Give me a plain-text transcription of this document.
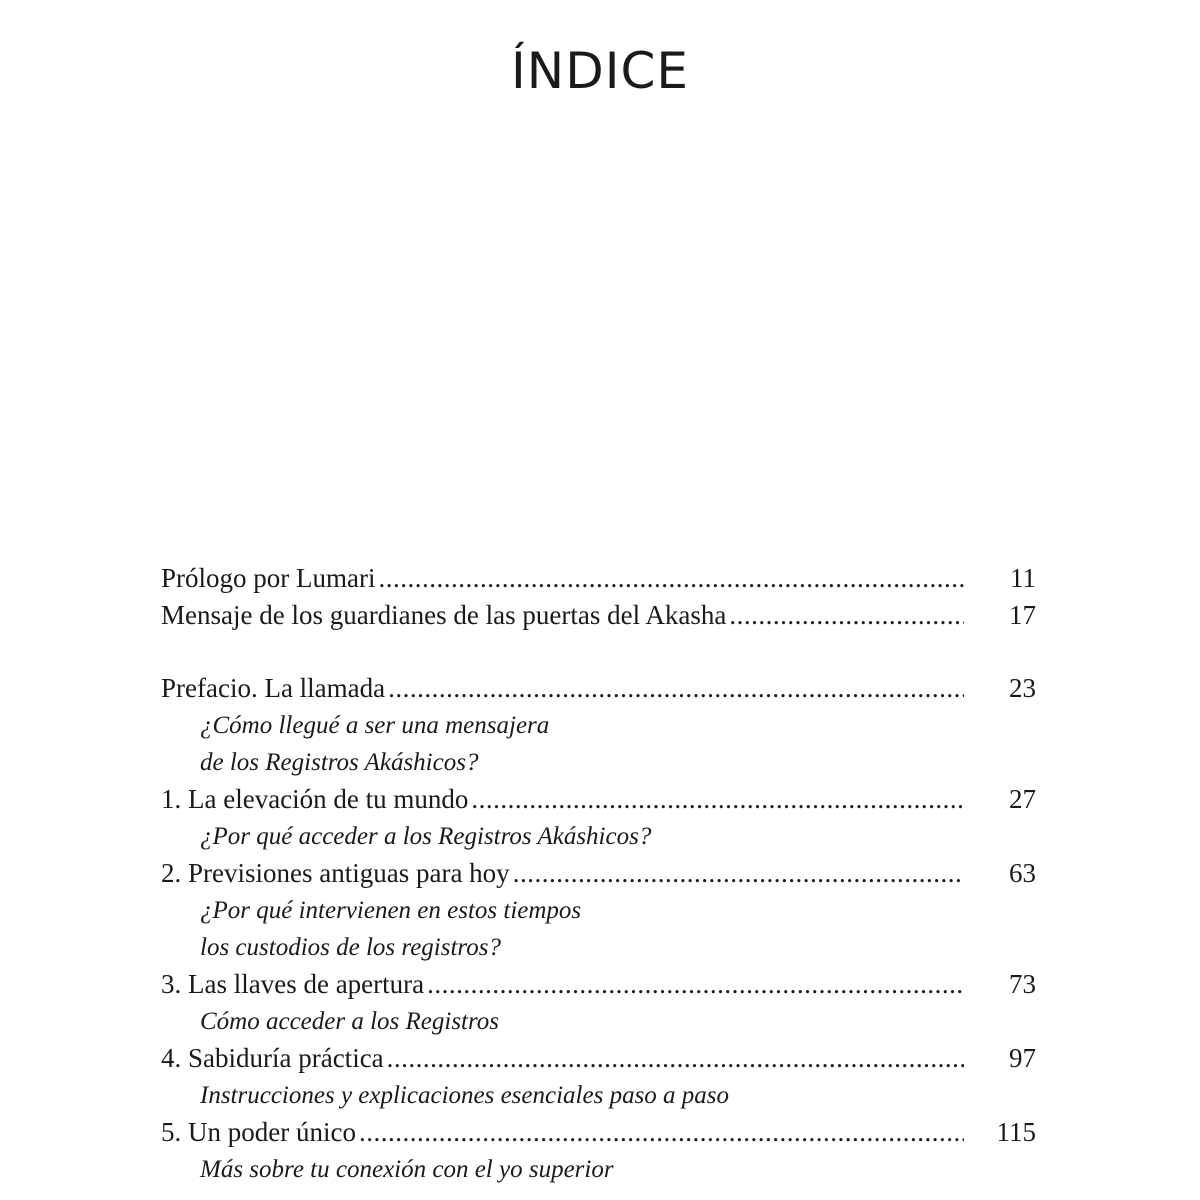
ÍNDICE
Prólogo por Lumari .....	11
Mensaje de los guardianes de las puertas del Akasha .....	17
Prefacio. La llamada .....	23
¿Cómo llegué a ser una mensajera
de los Registros Akáshicos?
1. La elevación de tu mundo .....	27
¿Por qué acceder a los Registros Akáshicos?
2. Previsiones antiguas para hoy .....	63
¿Por qué intervienen en estos tiempos
los custodios de los registros?
3. Las llaves de apertura .....	73
Cómo acceder a los Registros
4. Sabiduría práctica .....	97
Instrucciones y explicaciones esenciales paso a paso
5. Un poder único .....	115
Más sobre tu conexión con el yo superior
